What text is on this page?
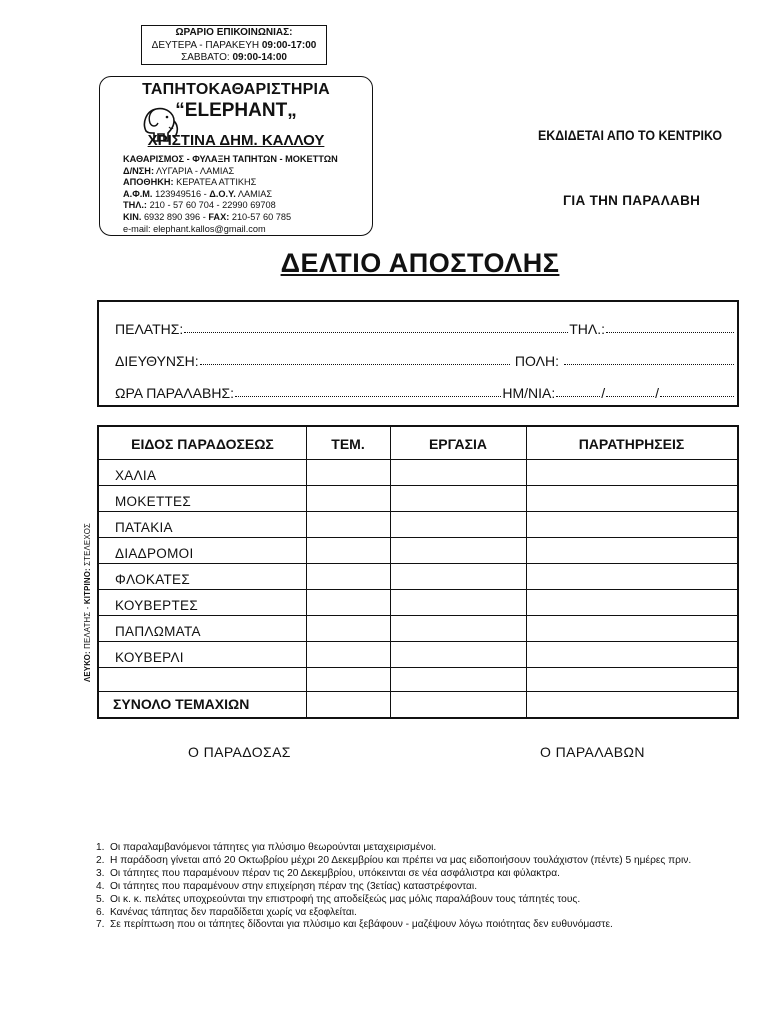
ΩΡΑΡΙΟ ΕΠΙΚΟΙΝΩΝΙΑΣ:
ΔΕΥΤΕΡΑ - ΠΑΡΑΚΕΥΗ 09:00-17:00
ΣΑΒΒΑΤΟ: 09:00-14:00
ΤΑΠΗΤΟΚΑΘΑΡΙΣΤΗΡΙΑ
“ELEPHANT„
ΧΡΙΣΤΙΝΑ ΔΗΜ. ΚΑΛΛΟΥ
ΚΑΘΑΡΙΣΜΟΣ - ΦΥΛΑΞΗ ΤΑΠΗΤΩΝ - ΜΟΚΕΤΤΩΝ
Δ/ΝΣΗ: ΛΥΓΑΡΙΑ - ΛΑΜΙΑΣ
ΑΠΟΘΗΚΗ: ΚΕΡΑΤΕΑ ΑΤΤΙΚΗΣ
Α.Φ.Μ. 123949516 - Δ.Ο.Υ. ΛΑΜΙΑΣ
ΤΗΛ.: 210 - 57 60 704 - 22990 69708
ΚΙΝ. 6932 890 396 - FAX: 210-57 60 785
e-mail: elephant.kallos@gmail.com
ΕΚΔΙΔΕΤΑΙ ΑΠΟ ΤΟ ΚΕΝΤΡΙΚΟ
ΓΙΑ ΤΗΝ ΠΑΡΑΛΑΒΗ
ΔΕΛΤΙΟ ΑΠΟΣΤΟΛΗΣ
ΠΕΛΑΤΗΣ:	ΤΗΛ.:
ΔΙΕΥΘΥΝΣΗ:	ΠΟΛΗ:
ΩΡΑ ΠΑΡΑΛΑΒΗΣ:	ΗΜ/ΝΙΑ:	/	/
ΕΙΔΟΣ ΠΑΡΑΔΟΣΕΩΣ	ΤΕΜ.	ΕΡΓΑΣΙΑ	ΠΑΡΑΤΗΡΗΣΕΙΣ
ΧΑΛΙΑ
ΜΟΚΕΤΤΕΣ
ΠΑΤΑΚΙΑ
ΔΙΑΔΡΟΜΟΙ
ΦΛΟΚΑΤΕΣ
ΚΟΥΒΕΡΤΕΣ
ΠΑΠΛΩΜΑΤΑ
ΚΟΥΒΕΡΛΙ
ΣΥΝΟΛΟ ΤΕΜΑΧΙΩΝ
ΛΕΥΚΟ: ΠΕΛΑΤΗΣ - ΚΙΤΡΙΝΟ: ΣΤΕΛΕΧΟΣ
Ο ΠΑΡΑΔΟΣΑΣ	Ο ΠΑΡΑΛΑΒΩΝ
1. Οι παραλαμβανόμενοι τάπητες για πλύσιμο θεωρούνται μεταχειρισμένοι.
2. Η παράδοση γίνεται από 20 Οκτωβρίου μέχρι 20 Δεκεμβρίου και πρέπει να μας ειδοποιήσουν τουλάχιστον (πέντε) 5 ημέρες πριν.
3. Οι τάπητες που παραμένουν πέραν τις 20 Δεκεμβρίου, υπόκεινται σε νέα ασφάλιστρα και φύλακτρα.
4. Οι τάπητες που παραμένουν στην επιχείρηση πέραν της (3ετίας) καταστρέφονται.
5. Οι κ. κ. πελάτες υποχρεούνται την επιστροφή της αποδείξεώς μας μόλις παραλάβουν τους τάπητές τους.
6. Κανένας τάπητας δεν παραδίδεται χωρίς να εξοφλείται.
7. Σε περίπτωση που οι τάπητες δίδονται για πλύσιμο και ξεβάφουν - μαζέψουν λόγω ποιότητας δεν ευθυνόμαστε.
